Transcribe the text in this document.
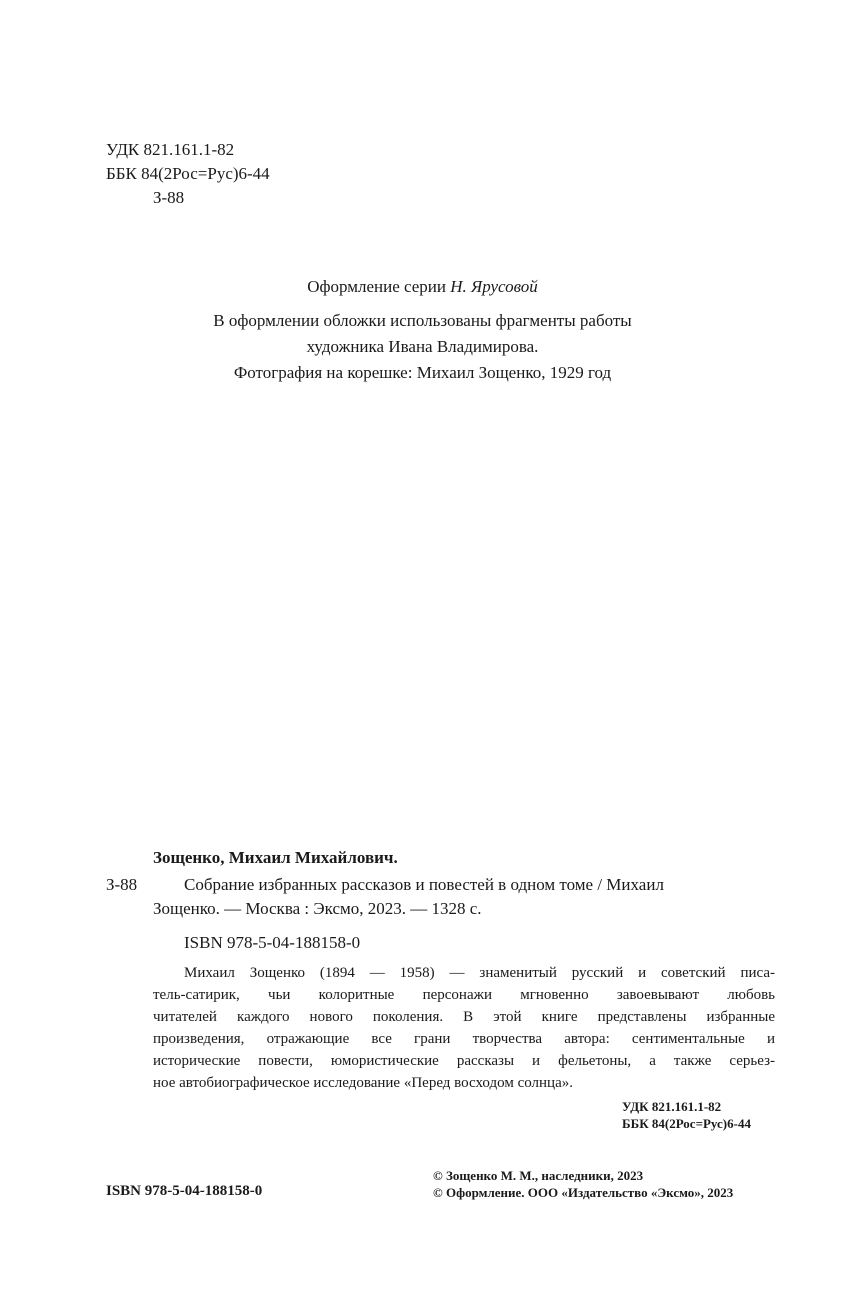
УДК 821.161.1-82
ББК 84(2Рос=Рус)6-44
З-88

Оформление серии Н. Ярусовой

В оформлении обложки использованы фрагменты работы

художника Ивана Владимирова.

Фотография на корешке: Михаил Зощенко, 1929 год

Зощенко, Михаил Михайлович.
З-88	Собрание избранных рассказов и повестей в одном томе / Михаил
Зощенко. — Москва : Эксмо, 2023. — 1328 с.
ISBN 978-5-04-188158-0
Михаил Зощенко (1894 — 1958) — знаменитый русский и советский писа-
тель-сатирик, чьи колоритные персонажи мгновенно завоевывают любовь
читателей каждого нового поколения. В этой книге представлены избранные
произведения, отражающие все грани творчества автора: сентиментальные и
исторические повести, юмористические рассказы и фельетоны, а также серьез-
ное автобиографическое исследование «Перед восходом солнца».
УДК 821.161.1-82
ББК 84(2Рос=Рус)6-44
ISBN 978-5-04-188158-0
© Зощенко М. М., наследники, 2023
© Оформление. ООО «Издательство «Эксмо», 2023
